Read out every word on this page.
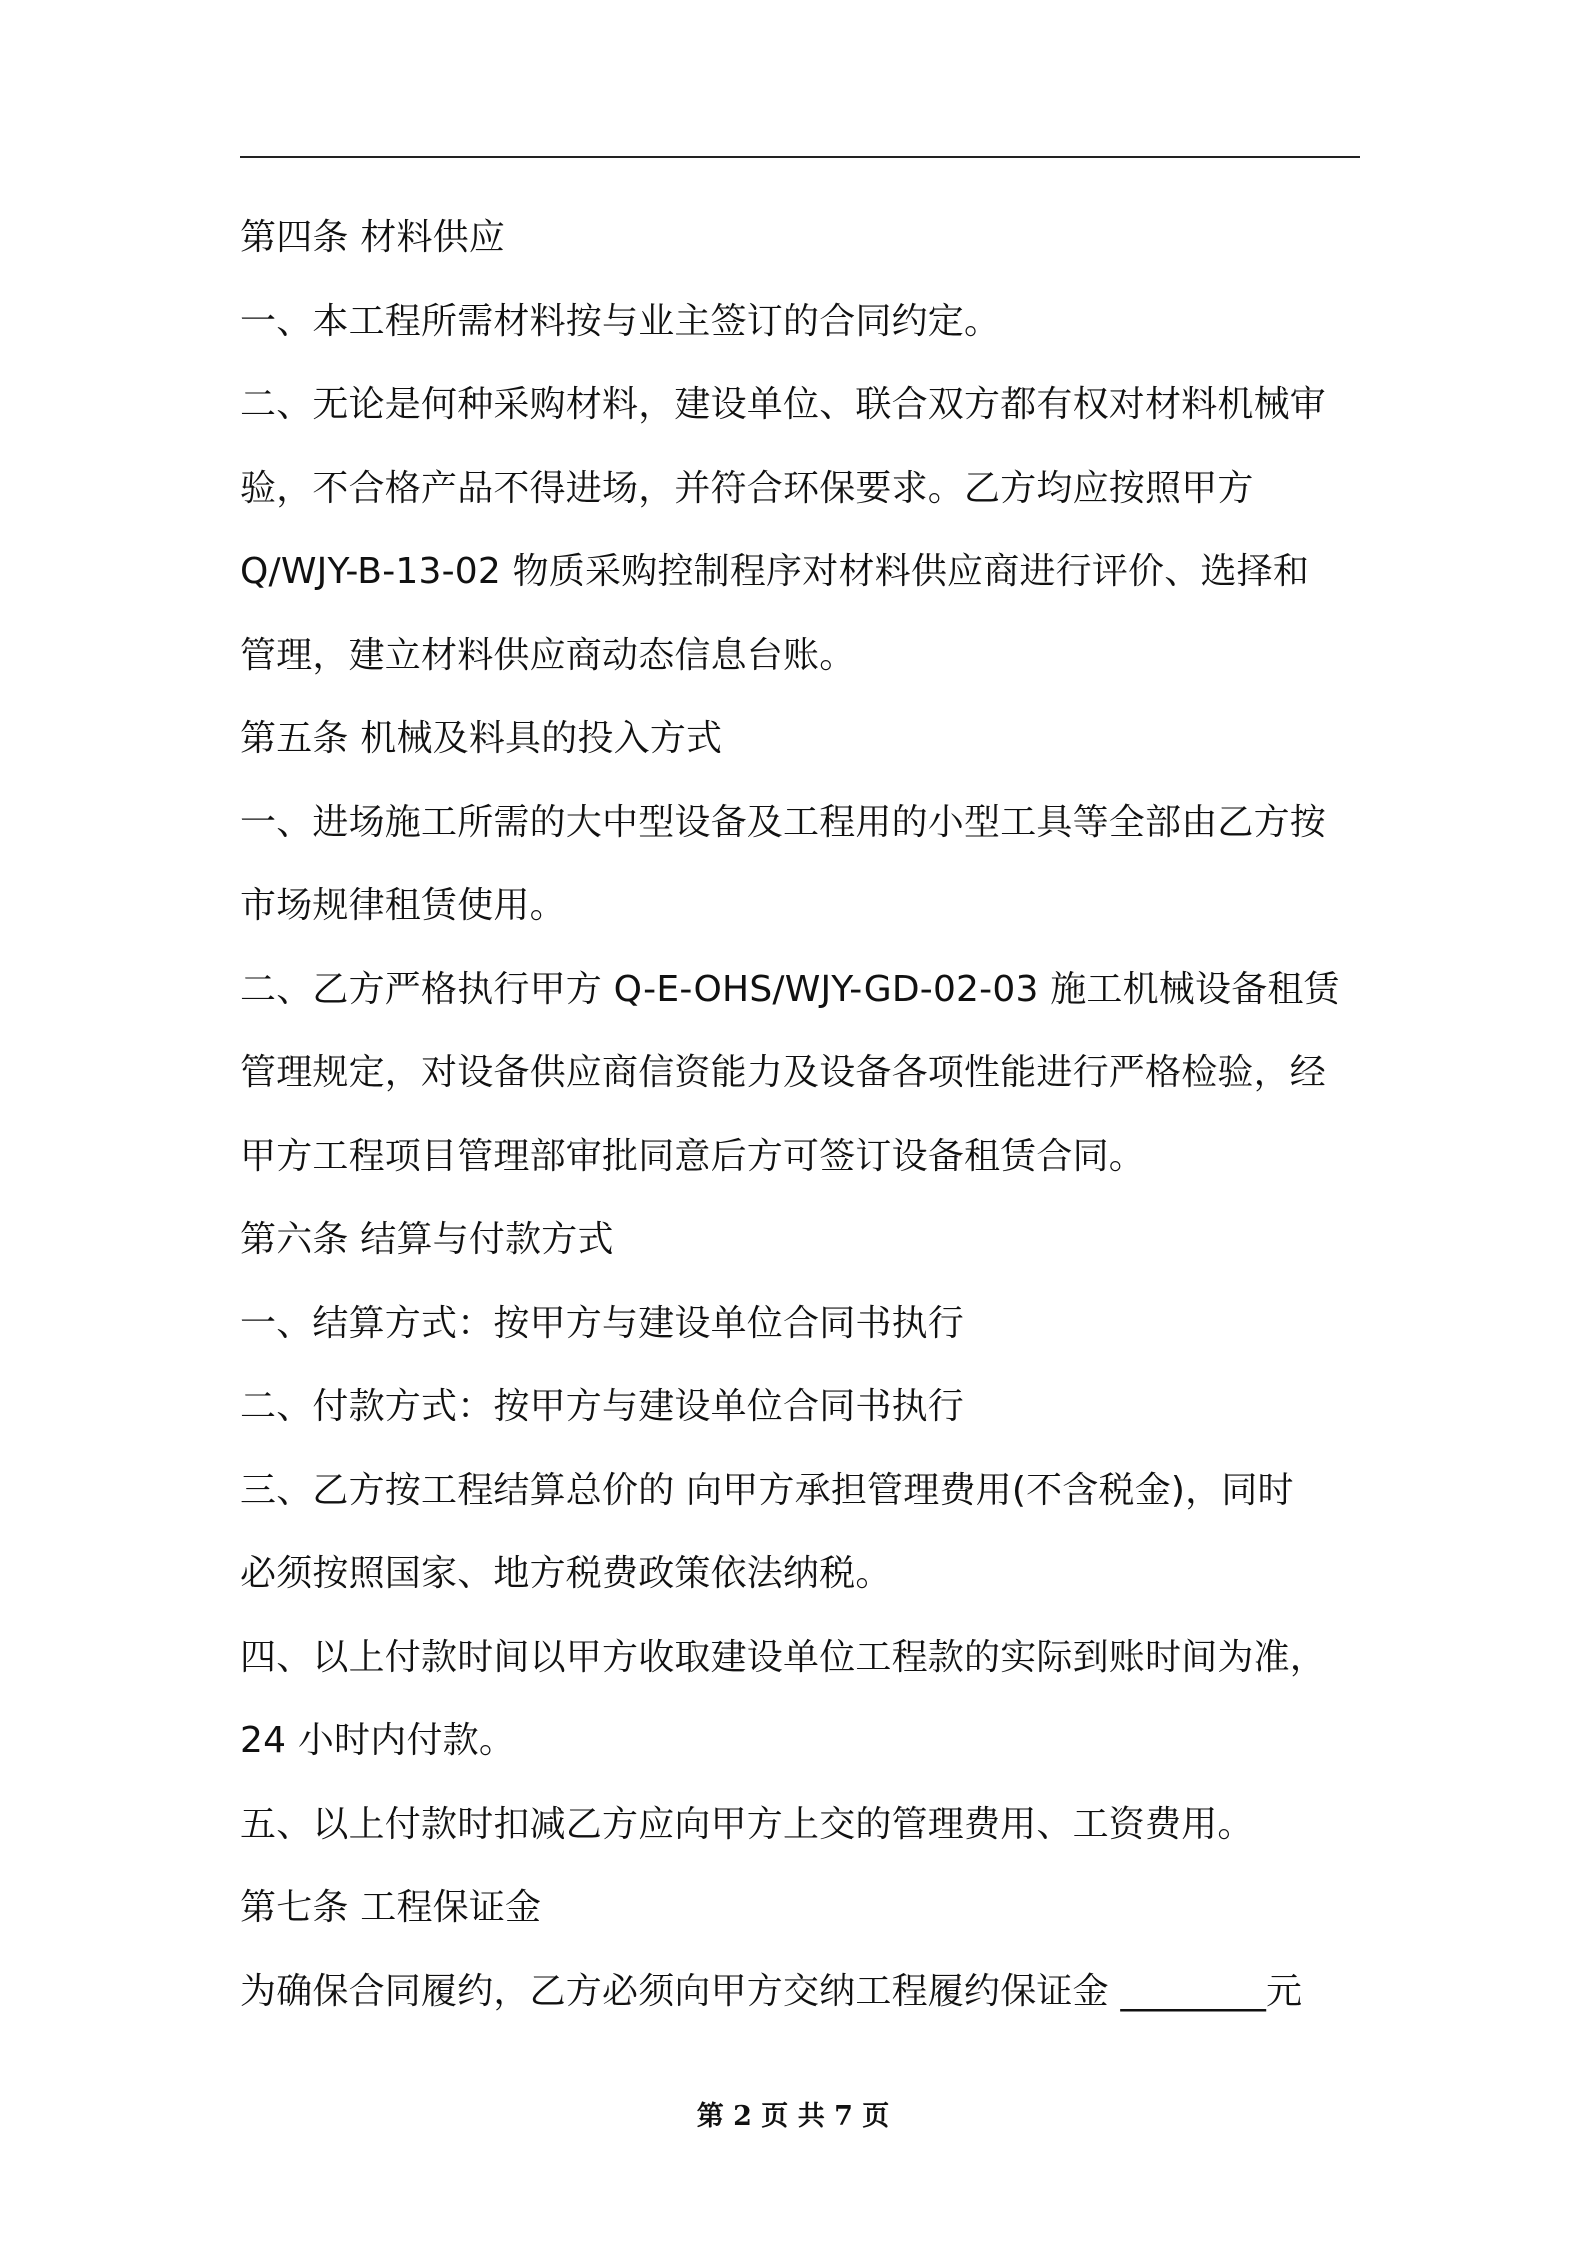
第四条 材料供应
一、本工程所需材料按与业主签订的合同约定。
二、无论是何种采购材料，建设单位、联合双方都有权对材料机械审
验，不合格产品不得进场，并符合环保要求。乙方均应按照甲方
Q/WJY-B-13-02 物质采购控制程序对材料供应商进行评价、选择和
管理，建立材料供应商动态信息台账。
第五条 机械及料具的投入方式
一、进场施工所需的大中型设备及工程用的小型工具等全部由乙方按
市场规律租赁使用。
二、乙方严格执行甲方 Q-E-OHS/WJY-GD-02-03 施工机械设备租赁
管理规定，对设备供应商信资能力及设备各项性能进行严格检验，经
甲方工程项目管理部审批同意后方可签订设备租赁合同。
第六条 结算与付款方式
一、结算方式：按甲方与建设单位合同书执行
二、付款方式：按甲方与建设单位合同书执行
三、乙方按工程结算总价的 向甲方承担管理费用(不含税金)，同时
必须按照国家、地方税费政策依法纳税。
四、以上付款时间以甲方收取建设单位工程款的实际到账时间为准，
24 小时内付款。
五、以上付款时扣减乙方应向甲方上交的管理费用、工资费用。
第七条 工程保证金
为确保合同履约，乙方必须向甲方交纳工程履约保证金 ________元
第 2 页 共 7 页
